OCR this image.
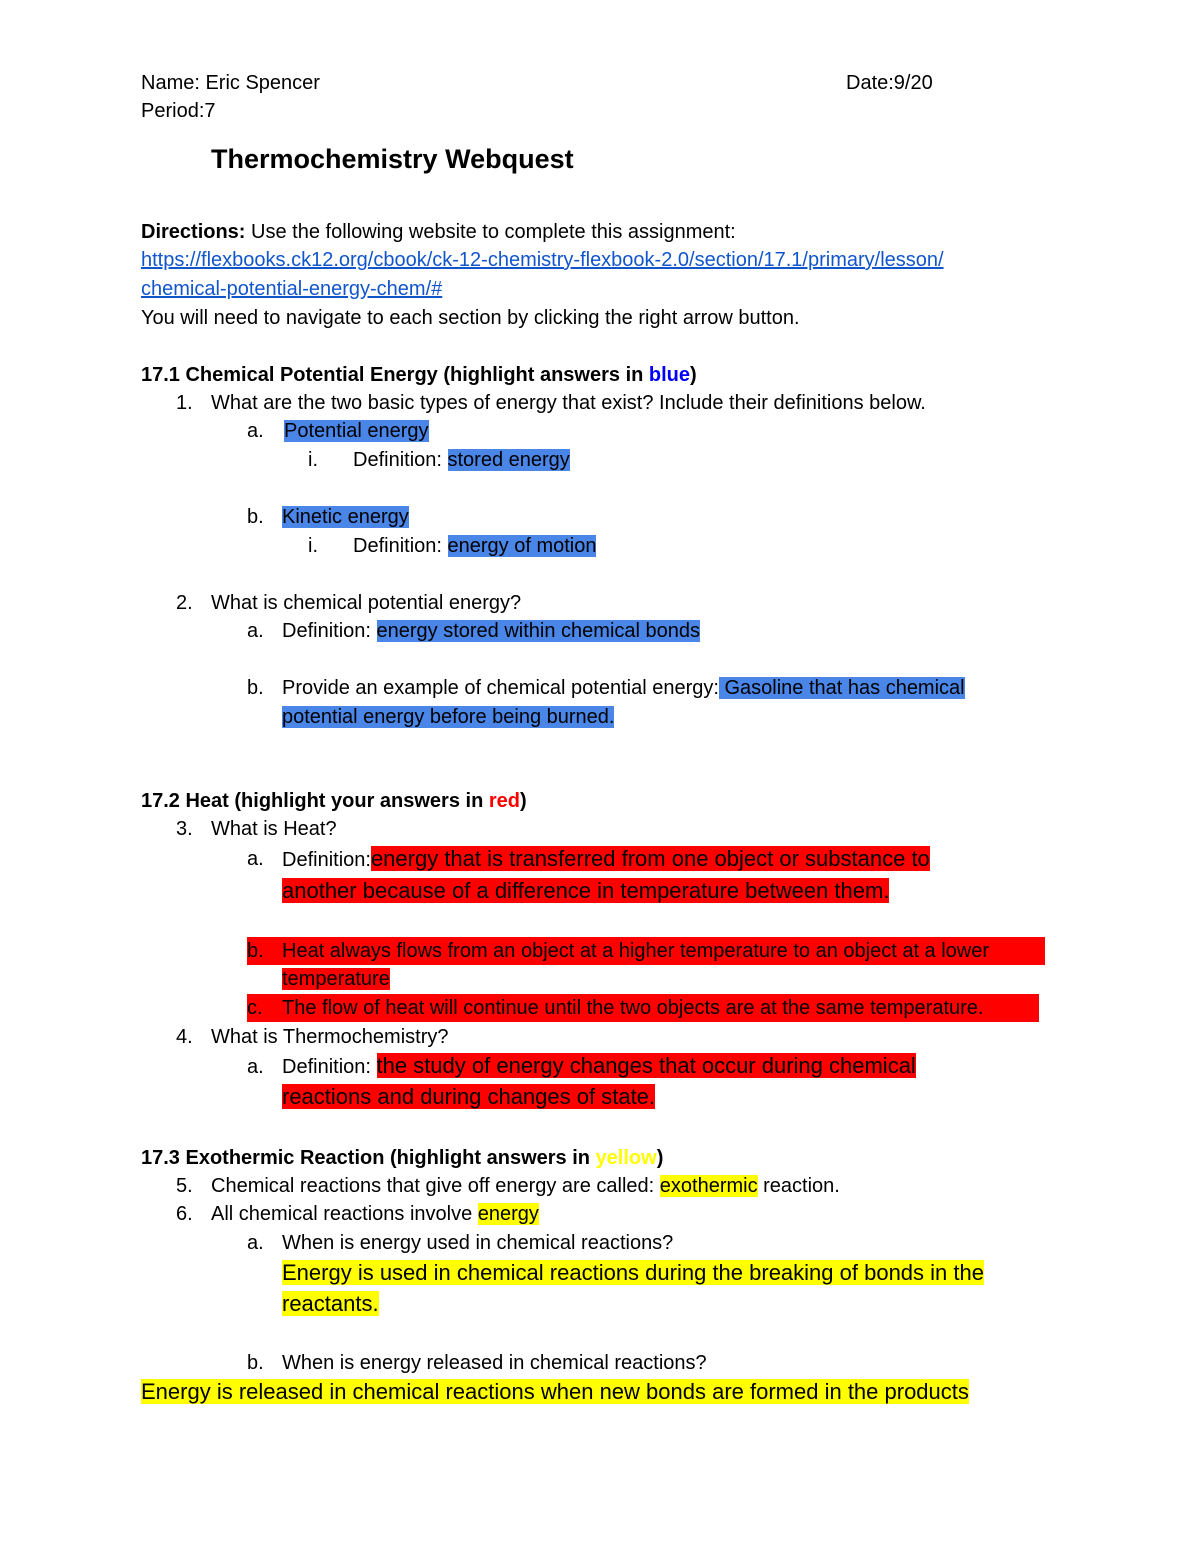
Name: Eric Spencer	Date:9/20
Period:7
Thermochemistry Webquest
Directions: Use the following website to complete this assignment:
https://flexbooks.ck12.org/cbook/ck-12-chemistry-flexbook-2.0/section/17.1/primary/lesson/
chemical-potential-energy-chem/#
You will need to navigate to each section by clicking the right arrow button.
17.1 Chemical Potential Energy (highlight answers in blue)
1. What are the two basic types of energy that exist? Include their definitions below.
a. Potential energy
i. Definition: stored energy
b. Kinetic energy
i. Definition: energy of motion
2. What is chemical potential energy?
a. Definition: energy stored within chemical bonds
b. Provide an example of chemical potential energy: Gasoline that has chemical
potential energy before being burned.
17.2 Heat (highlight your answers in red)
3. What is Heat?
a. Definition:energy that is transferred from one object or substance to
another because of a difference in temperature between them.
b. Heat always flows from an object at a higher temperature to an object at a lower
temperature
c. The flow of heat will continue until the two objects are at the same temperature.
4. What is Thermochemistry?
a. Definition: the study of energy changes that occur during chemical
reactions and during changes of state.
17.3 Exothermic Reaction (highlight answers in yellow)
5. Chemical reactions that give off energy are called: exothermic reaction.
6. All chemical reactions involve energy
a. When is energy used in chemical reactions?
Energy is used in chemical reactions during the breaking of bonds in the
reactants.
b. When is energy released in chemical reactions?
Energy is released in chemical reactions when new bonds are formed in the products
